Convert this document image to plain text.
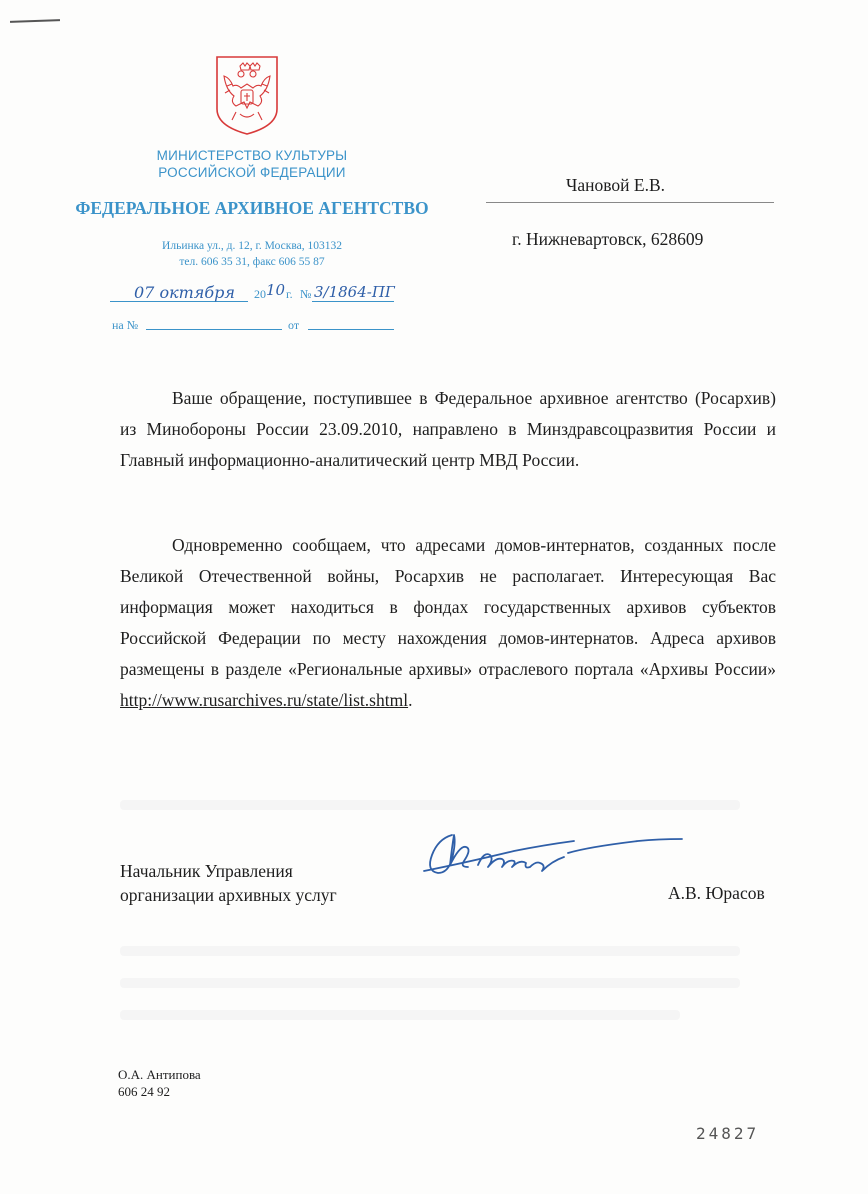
МИНИСТЕРСТВО КУЛЬТУРЫ
РОССИЙСКОЙ ФЕДЕРАЦИИ
ФЕДЕРАЛЬНОЕ АРХИВНОЕ АГЕНТСТВО
Ильинка ул., д. 12, г. Москва, 103132
тел. 606 35 31, факс 606 55 87
07 октября 20 10 г. № 3/1864-ПГ
на №	от
Чановой Е.В.
г. Нижневартовск, 628609

Ваше обращение, поступившее в Федеральное архивное агентство (Росархив) из Минобороны России 23.09.2010, направлено в Минздравсоцразвития России и Главный информационно-аналитический центр МВД России.

Одновременно сообщаем, что адресами домов-интернатов, созданных после Великой Отечественной войны, Росархив не располагает. Интересующая Вас информация может находиться в фондах государственных архивов субъектов Российской Федерации по месту нахождения домов-интернатов. Адреса архивов размещены в разделе «Региональные архивы» отраслевого портала «Архивы России» http://www.rusarchives.ru/state/list.shtml.

Начальник Управления
организации архивных услуг	А.В. Юрасов
О.А. Антипова
606 24 92
24827
